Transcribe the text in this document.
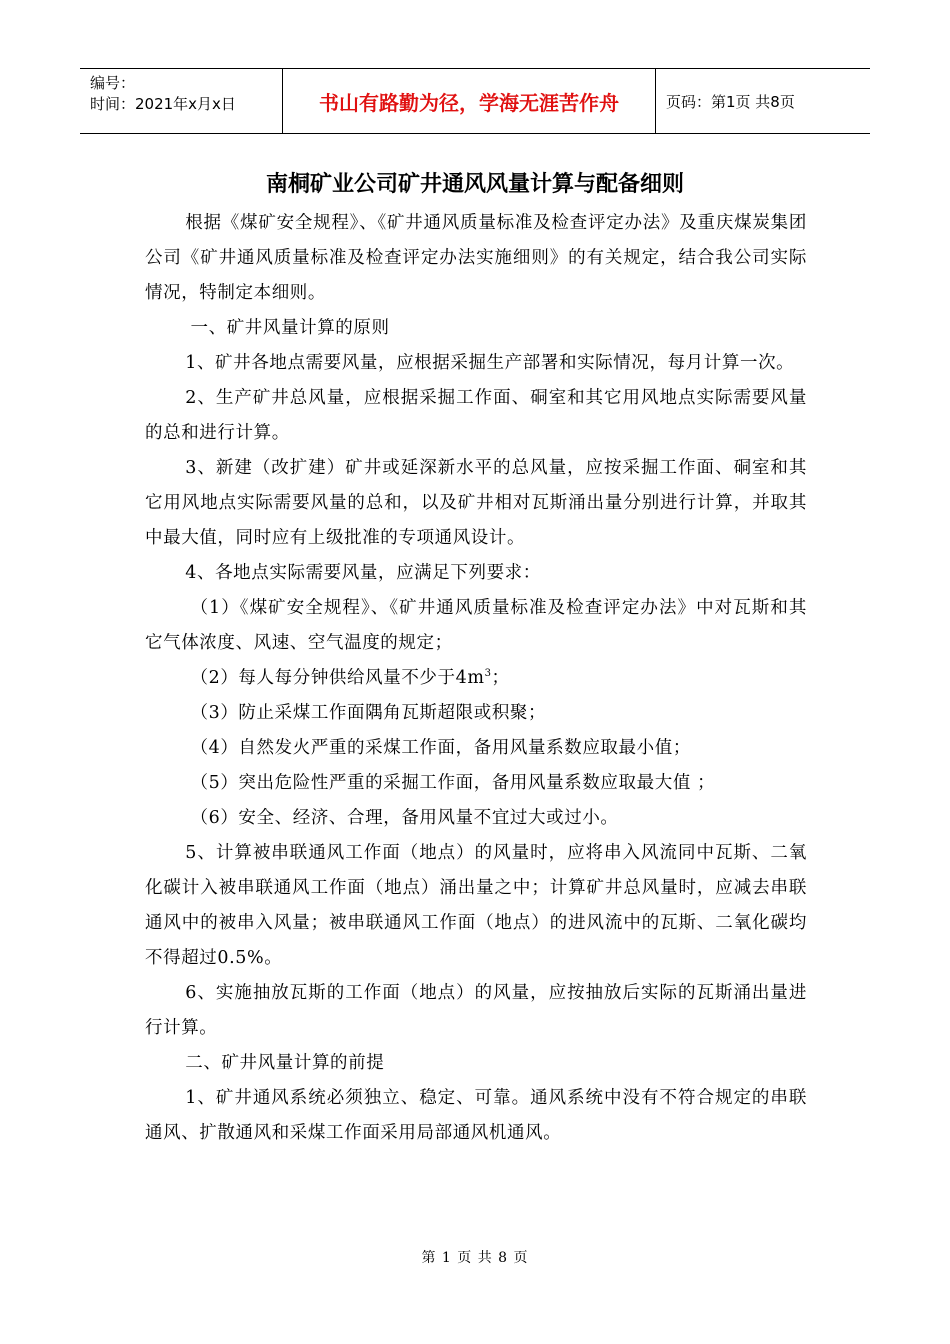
编号：
时间：2021年x月x日	书山有路勤为径，学海无涯苦作舟	页码：第1页 共8页
南桐矿业公司矿井通风风量计算与配备细则

根据《煤矿安全规程》、《矿井通风质量标准及检查评定办法》及重庆煤炭集团公司《矿井通风质量标准及检查评定办法实施细则》的有关规定，结合我公司实际情况，特制定本细则。

一、矿井风量计算的原则

1、矿井各地点需要风量，应根据采掘生产部署和实际情况，每月计算一次。

2、生产矿井总风量，应根据采掘工作面、硐室和其它用风地点实际需要风量的总和进行计算。

3、新建（改扩建）矿井或延深新水平的总风量，应按采掘工作面、硐室和其它用风地点实际需要风量的总和，以及矿井相对瓦斯涌出量分别进行计算，并取其中最大值，同时应有上级批准的专项通风设计。

4、各地点实际需要风量，应满足下列要求：

（1）《煤矿安全规程》、《矿井通风质量标准及检查评定办法》中对瓦斯和其它气体浓度、风速、空气温度的规定；

（2）每人每分钟供给风量不少于$4m^3$；

（3）防止采煤工作面隅角瓦斯超限或积聚；

（4）自然发火严重的采煤工作面，备用风量系数应取最小值；

（5）突出危险性严重的采掘工作面，备用风量系数应取最大值 ；

（6）安全、经济、合理，备用风量不宜过大或过小。

5、计算被串联通风工作面（地点）的风量时，应将串入风流同中瓦斯、二氧化碳计入被串联通风工作面（地点）涌出量之中；计算矿井总风量时，应减去串联通风中的被串入风量；被串联通风工作面（地点）的进风流中的瓦斯、二氧化碳均不得超过0.5%。

6、实施抽放瓦斯的工作面（地点）的风量，应按抽放后实际的瓦斯涌出量进行计算。

二、矿井风量计算的前提

1、矿井通风系统必须独立、稳定、可靠。通风系统中没有不符合规定的串联通风、扩散通风和采煤工作面采用局部通风机通风。

第 1 页 共 8 页
